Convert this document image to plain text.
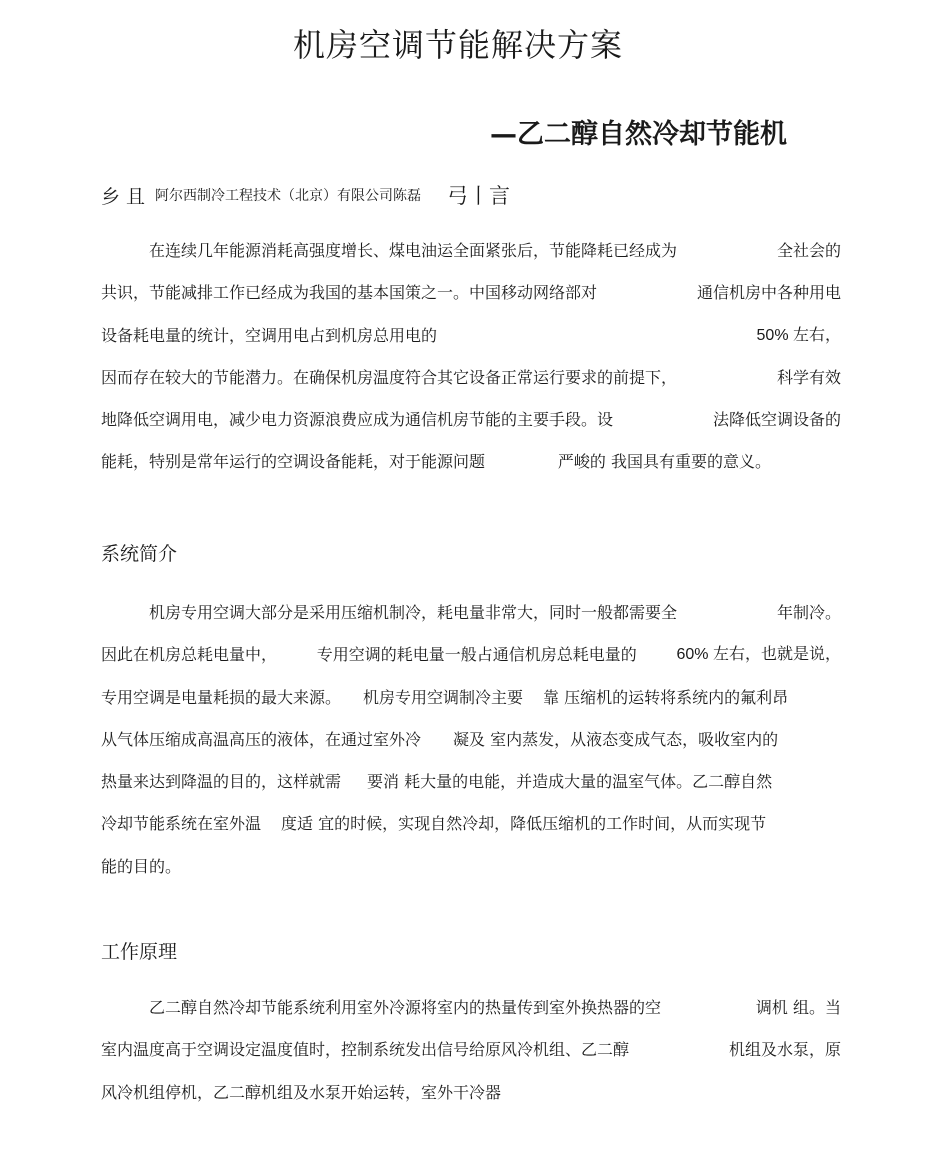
机房空调节能解决方案
—乙二醇自然冷却节能机
乡 且 阿尔西制冷工程技术（北京）有限公司陈磊 弓丨言
在连续几年能源消耗高强度增长、煤电油运全面紧张后，节能降耗已经成为	全社会的
共识，节能减排工作已经成为我国的基本国策之一。中国移动网络部对	通信机房中各种用电
设备耗电量的统计，空调用电占到机房总用电的	50% 左右，
因而存在较大的节能潜力。在确保机房温度符合其它设备正常运行要求的前提下，	科学有效
地降低空调用电，减少电力资源浪费应成为通信机房节能的主要手段。设	法降低空调设备的
能耗，特别是常年运行的空调设备能耗，对于能源问题	严峻的 我国具有重要的意义。
系统简介
机房专用空调大部分是采用压缩机制冷，耗电量非常大，同时一般都需要全	年制冷。
因此在机房总耗电量中， 专用空调的耗电量一般占通信机房总耗电量的 60% 左右，也就是说，
专用空调是电量耗损的最大来源。 机房专用空调制冷主要 靠 压缩机的运转将系统内的氟利昂
从气体压缩成高温高压的液体，在通过室外冷 凝及 室内蒸发，从液态变成气态，吸收室内的
热量来达到降温的目的，这样就需 要消 耗大量的电能，并造成大量的温室气体。乙二醇自然
冷却节能系统在室外温 度适 宜的时候，实现自然冷却，降低压缩机的工作时间，从而实现节
能的目的。
工作原理
乙二醇自然冷却节能系统利用室外冷源将室内的热量传到室外换热器的空	调机 组。当
室内温度高于空调设定温度值时，控制系统发出信号给原风冷机组、乙二醇	机组及水泵，原
风冷机组停机，乙二醇机组及水泵开始运转，室外干冷器
